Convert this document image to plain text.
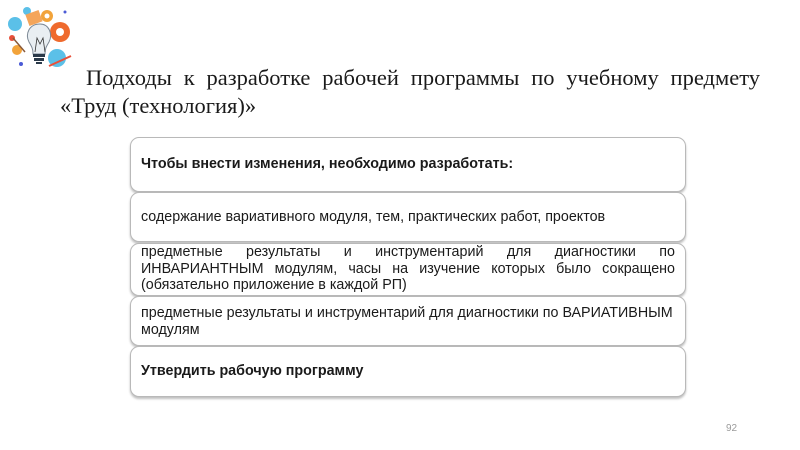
Подходы к разработке рабочей программы по учебному предмету
«Труд (технология)»
Чтобы внести изменения, необходимо разработать:
содержание вариативного модуля, тем, практических работ, проектов
предметные результаты и инструментарий для диагностики по ИНВАРИАНТНЫМ модулям, часы на изучение которых было сокращено (обязательно приложение в каждой РП)
предметные результаты и инструментарий для диагностики по ВАРИАТИВНЫМ модулям
Утвердить рабочую программу
92
